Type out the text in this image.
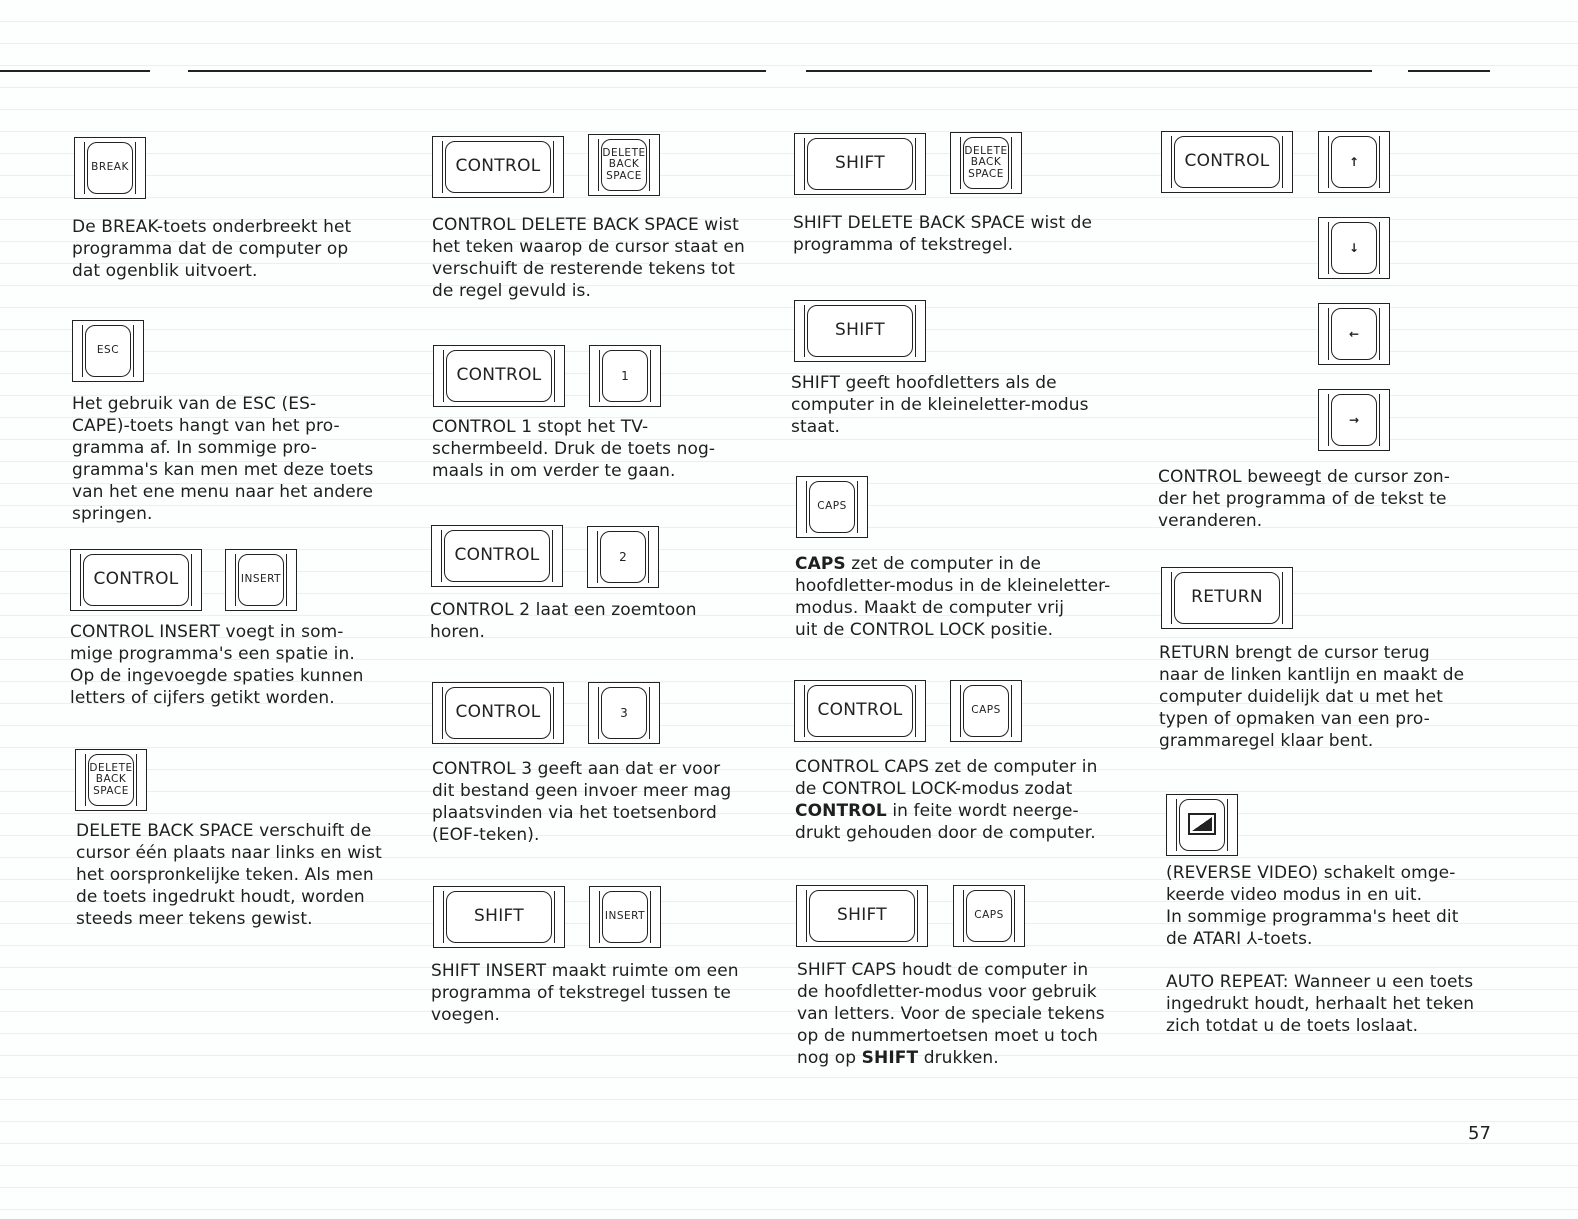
BREAK
De BREAK-toets onderbreekt het
programma dat de computer op
dat ogenblik uitvoert.
ESC
Het gebruik van de ESC (ES-
CAPE)-toets hangt van het pro-
gramma af. In sommige pro-
gramma's kan men met deze toets
van het ene menu naar het andere
springen.
CONTROL	INSERT
CONTROL INSERT voegt in som-
mige programma's een spatie in.
Op de ingevoegde spaties kunnen
letters of cijfers getikt worden.
DELETE
BACK
SPACE
DELETE BACK SPACE verschuift de
cursor één plaats naar links en wist
het oorspronkelijke teken. Als men
de toets ingedrukt houdt, worden
steeds meer tekens gewist.
CONTROL
DELETE
BACK
SPACE
CONTROL DELETE BACK SPACE wist
het teken waarop de cursor staat en
verschuift de resterende tekens tot
de regel gevuld is.
CONTROL	1
CONTROL 1 stopt het TV-
schermbeeld. Druk de toets nog-
maals in om verder te gaan.
CONTROL	2
CONTROL 2 laat een zoemtoon
horen.
CONTROL	3
CONTROL 3 geeft aan dat er voor
dit bestand geen invoer meer mag
plaatsvinden via het toetsenbord
(EOF-teken).
SHIFT	INSERT
SHIFT INSERT maakt ruimte om een
programma of tekstregel tussen te
voegen.
SHIFT
DELETE
BACK
SPACE
SHIFT DELETE BACK SPACE wist de
programma of tekstregel.
SHIFT
SHIFT geeft hoofdletters als de
computer in de kleineletter-modus
staat.
CAPS
CAPS zet de computer in de
hoofdletter-modus in de kleineletter-
modus. Maakt de computer vrij
uit de CONTROL LOCK positie.
CONTROL	CAPS
CONTROL CAPS zet de computer in
de CONTROL LOCK-modus zodat
CONTROL in feite wordt neerge-
drukt gehouden door de computer.
SHIFT	CAPS
SHIFT CAPS houdt de computer in
de hoofdletter-modus voor gebruik
van letters. Voor de speciale tekens
op de nummertoetsen moet u toch
nog op SHIFT drukken.
CONTROL	↑
↓
←
→
CONTROL beweegt de cursor zon-
der het programma of de tekst te
veranderen.
RETURN
RETURN brengt de cursor terug
naar de linken kantlijn en maakt de
computer duidelijk dat u met het
typen of opmaken van een pro-
grammaregel klaar bent.
(REVERSE VIDEO) schakelt omge-
keerde video modus in en uit.
In sommige programma's heet dit
de ATARI ⅄-toets.
AUTO REPEAT: Wanneer u een toets
ingedrukt houdt, herhaalt het teken
zich totdat u de toets loslaat.
57
